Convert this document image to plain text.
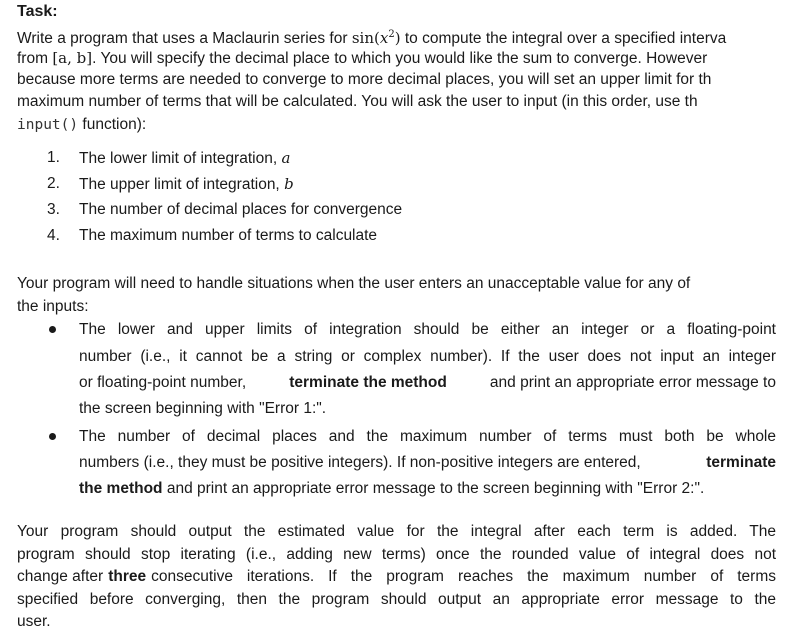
Task:
Write a program that uses a Maclaurin series for $\sin(x^2)$ to compute the integral over a specified interva
from [a, b]. You will specify the decimal place to which you would like the sum to converge. However
because more terms are needed to converge to more decimal places, you will set an upper limit for th
maximum number of terms that will be calculated. You will ask the user to input (in this order, use th
input() function):
1. The lower limit of integration, a
2. The upper limit of integration, b
3. The number of decimal places for convergence
4. The maximum number of terms to calculate
Your program will need to handle situations when the user enters an unacceptable value for any of
the inputs:
The lower and upper limits of integration should be either an integer or a floating-point
number (i.e., it cannot be a string or complex number). If the user does not input an integer
or floating-point number,	terminate the method	and print an appropriate error message to
the screen beginning with "Error 1:".
The number of decimal places and the maximum number of terms must both be whole
numbers (i.e., they must be positive integers). If non-positive integers are entered,	terminate
the method and print an appropriate error message to the screen beginning with "Error 2:".
Your program should output the estimated value for the integral after each term is added. The
program should stop iterating (i.e., adding new terms) once the rounded value of integral does not
change after three consecutive iterations. If the program reaches the maximum number of terms
specified before converging, then the program should output an appropriate error message to the
user.
